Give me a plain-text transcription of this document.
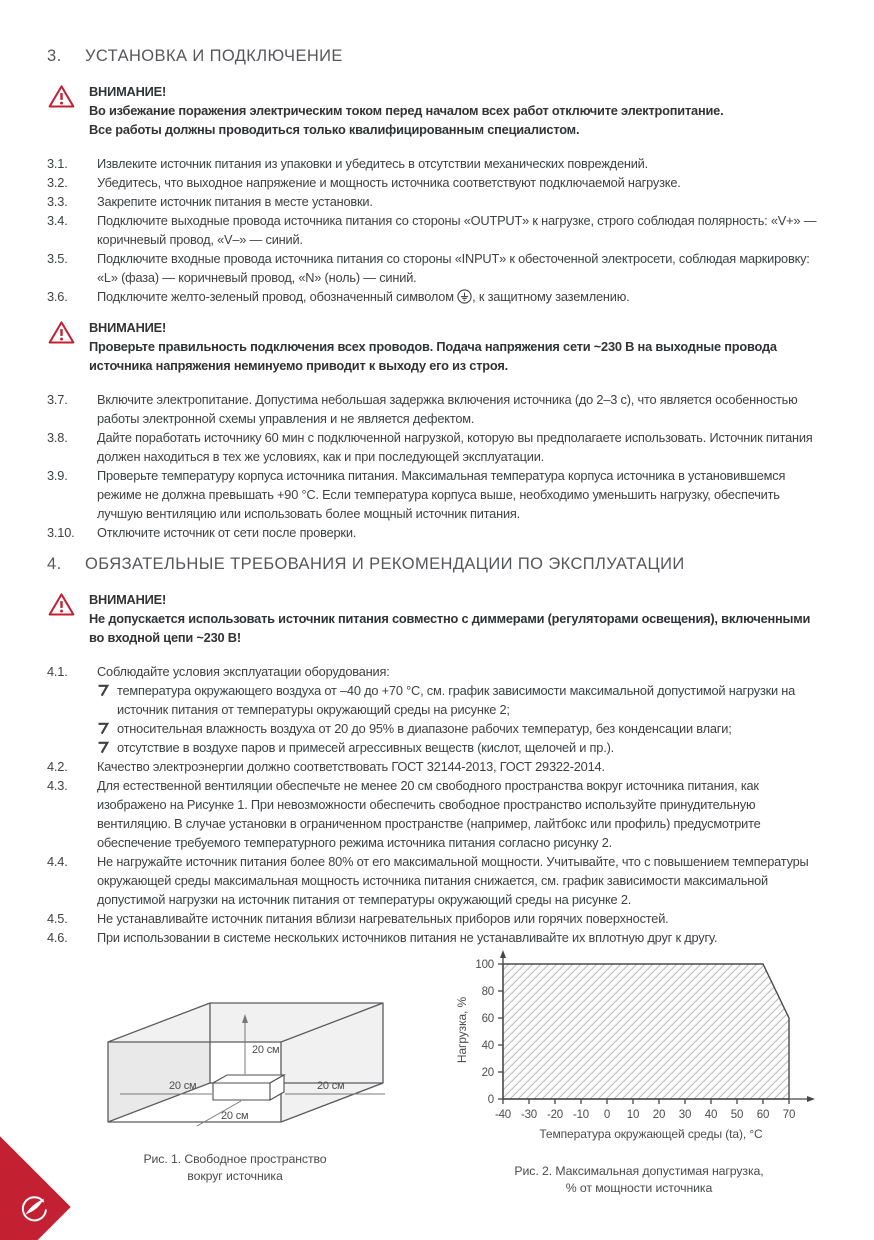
3.	УСТАНОВКА И ПОДКЛЮЧЕНИЕ

ВНИМАНИЕ!

Во избежание поражения электрическим током перед началом всех работ отключите электропитание.

Все работы должны проводиться только квалифицированным специалистом.

3.1.	Извлеките источник питания из упаковки и убедитесь в отсутствии механических повреждений.

3.2.	Убедитесь, что выходное напряжение и мощность источника соответствуют подключаемой нагрузке.

3.3.	Закрепите источник питания в месте установки.

3.4.	Подключите выходные провода источника питания со стороны «OUTPUT» к нагрузке, строго соблюдая полярность: «V+» — коричневый провод, «V–» — синий.

3.5.	Подключите входные провода источника питания со стороны «INPUT» к обесточенной электросети, соблюдая маркировку: «L» (фаза) — коричневый провод, «N» (ноль) — синий.

3.6.	Подключите желто-зеленый провод, обозначенный символом , к защитному заземлению.

ВНИМАНИЕ!

Проверьте правильность подключения всех проводов. Подача напряжения сети ~230 В на выходные провода источника напряжения неминуемо приводит к выходу его из строя.

3.7.	Включите электропитание. Допустима небольшая задержка включения источника (до 2–3 с), что является особенностью работы электронной схемы управления и не является дефектом.

3.8.	Дайте поработать источнику 60 мин с подключенной нагрузкой, которую вы предполагаете использовать. Источник питания должен находиться в тех же условиях, как и при последующей эксплуатации.

3.9.	Проверьте температуру корпуса источника питания. Максимальная температура корпуса источника в установившемся режиме не должна превышать +90 °C. Если температура корпуса выше, необходимо уменьшить нагрузку, обеспечить лучшую вентиляцию или использовать более мощный источник питания.

3.10.	Отключите источник от сети после проверки.

4.	ОБЯЗАТЕЛЬНЫЕ ТРЕБОВАНИЯ И РЕКОМЕНДАЦИИ ПО ЭКСПЛУАТАЦИИ

ВНИМАНИЕ!

Не допускается использовать источник питания совместно с диммерами (регуляторами освещения), включенными во входной цепи ~230 В!

4.1.	Соблюдайте условия эксплуатации оборудования:

температура окружающего воздуха от –40 до +70 °C, см. график зависимости максимальной допустимой нагрузки на источник питания от температуры окружающий среды на рисунке 2;

относительная влажность воздуха от 20 до 95% в диапазоне рабочих температур, без конденсации влаги;

отсутствие в воздухе паров и примесей агрессивных веществ (кислот, щелочей и пр.).

4.2.	Качество электроэнергии должно соответствовать ГОСТ 32144-2013, ГОСТ 29322-2014.

4.3.	Для естественной вентиляции обеспечьте не менее 20 см свободного пространства вокруг источника питания, как изображено на Рисунке 1. При невозможности обеспечить свободное пространство используйте принудительную вентиляцию. В случае установки в ограниченном пространстве (например, лайтбокс или профиль) предусмотрите обеспечение требуемого температурного режима источника питания согласно рисунку 2.

4.4.	Не нагружайте источник питания более 80% от его максимальной мощности. Учитывайте, что с повышением температуры окружающей среды максимальная мощность источника питания снижается, см. график зависимости максимальной допустимой нагрузки на источник питания от температуры окружающий среды на рисунке 2.

4.5.	Не устанавливайте источник питания вблизи нагревательных приборов или горячих поверхностей.

4.6.	При использовании в системе нескольких источников питания не устанавливайте их вплотную друг к другу.

20 см
20 см	20 см
20 см
Рис. 1. Свободное пространство
вокруг источника
-40 -30 -20 -10 0 10 20 30 40 50 60 70
0
20
40
60
80
100
Температура окружающей среды (ta), °C
Нагрузка, %
Рис. 2. Максимальная допустимая нагрузка,
% от мощности источника
